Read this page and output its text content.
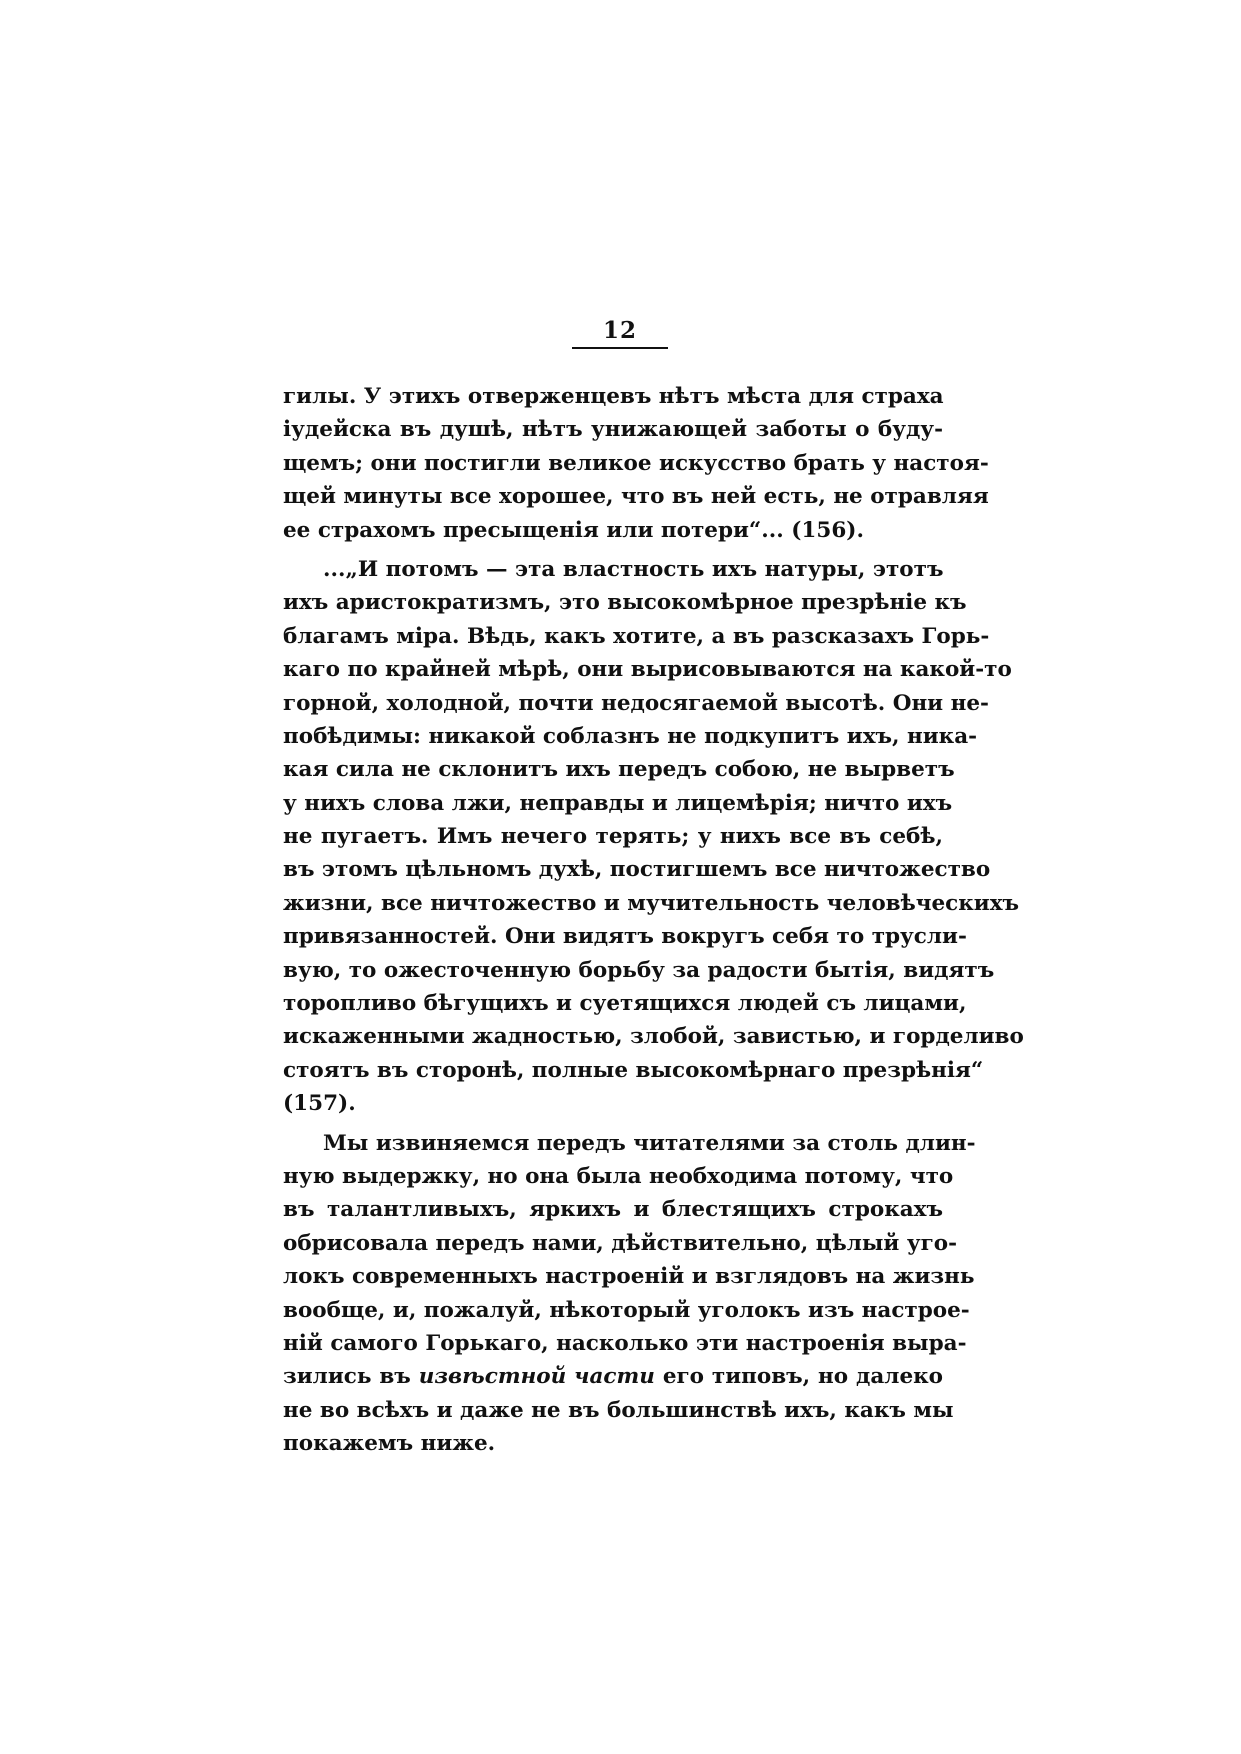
12
гилы. У этихъ отверженцевъ нѣтъ мѣста для страха
іудейска въ душѣ, нѣтъ унижающей заботы о буду-
щемъ; они постигли великое искусство брать у настоя-
щей минуты все хорошее, что въ ней есть, не отравляя
ее страхомъ пресыщенія или потери“... (156).
...„И потомъ — эта властность ихъ натуры, этотъ
ихъ аристократизмъ, это высокомѣрное презрѣніе къ
благамъ міра. Вѣдь, какъ хотите, а въ разсказахъ Горь-
каго по крайней мѣрѣ, они вырисовываются на какой-то
горной, холодной, почти недосягаемой высотѣ. Они не-
побѣдимы: никакой соблазнъ не подкупитъ ихъ, ника-
кая сила не склонитъ ихъ передъ собою, не вырветъ
у нихъ слова лжи, неправды и лицемѣрія; ничто ихъ
не пугаетъ. Имъ нечего терять; у нихъ все въ себѣ,
въ этомъ цѣльномъ духѣ, постигшемъ все ничтожество
жизни, все ничтожество и мучительность человѣческихъ
привязанностей. Они видятъ вокругъ себя то трусли-
вую, то ожесточенную борьбу за радости бытія, видятъ
торопливо бѣгущихъ и суетящихся людей съ лицами,
искаженными жадностью, злобой, завистью, и горделиво
стоятъ въ сторонѣ, полные высокомѣрнаго презрѣнія“
(157).
Мы извиняемся передъ читателями за столь длин-
ную выдержку, но она была необходима потому, что
въ талантливыхъ, яркихъ и блестящихъ строкахъ
обрисовала передъ нами, дѣйствительно, цѣлый уго-
локъ современныхъ настроеній и взглядовъ на жизнь
вообще, и, пожалуй, нѣкоторый уголокъ изъ настрое-
ній самого Горькаго, насколько эти настроенія выра-
зились въ извѣстной части его типовъ, но далеко
не во всѣхъ и даже не въ большинствѣ ихъ, какъ мы
покажемъ ниже.
